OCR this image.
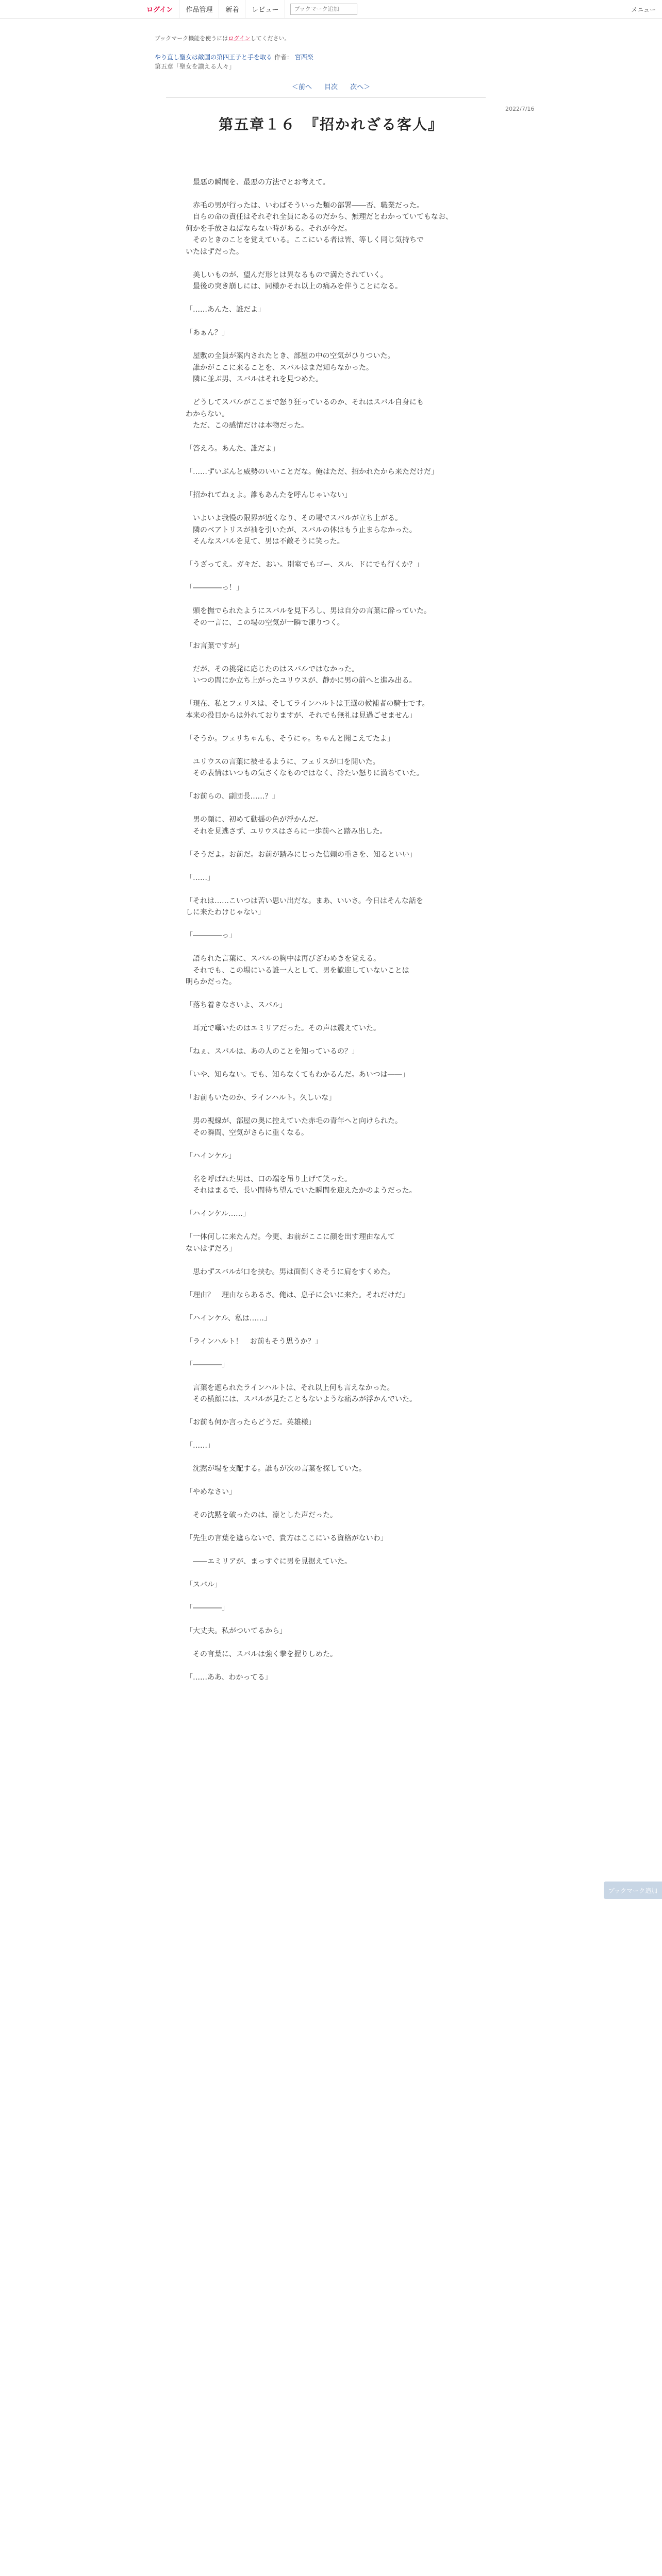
ログイン	作品管理	新着	レビュー
ブックマーク追加	メニュー
ブックマーク機能を使うにはログインしてください。
やり直し聖女は敵国の第四王子と手を取る 作者： 宮西楽
第五章「聖女を讃える人々」
＜前へ 目次 次へ＞
2022/7/16
第五章１６　『招かれざる客人』

　最悪の瞬間を、最悪の方法でとお考えて。

　赤毛の男が行ったは、いわばそういった類の部署――否、職業だった。

　自らの命の責任はそれぞれ全員にあるのだから、無理だとわかっていてもなお、

何かを手放さねばならない時がある。それが今だ。

　そのときのことを覚えている。ここにいる者は皆、等しく同じ気持ちで

いたはずだった。

　美しいものが、望んだ形とは異なるもので満たされていく。

　最後の突き崩しには、同様かそれ以上の痛みを伴うことになる。

「……あんた、誰だよ」

「あぁん？」

　屋敷の全員が案内されたとき、部屋の中の空気がひりついた。

　誰かがここに来ることを、スバルはまだ知らなかった。

　隣に並ぶ男、スバルはそれを見つめた。

　どうしてスバルがここまで怒り狂っているのか、それはスバル自身にも

わからない。

　ただ、この感情だけは本物だった。

「答えろ。あんた、誰だよ」

「……ずいぶんと威勢のいいことだな。俺はただ、招かれたから来ただけだ」

「招かれてねぇよ。誰もあんたを呼んじゃいない」

　いよいよ我慢の限界が近くなり、その場でスバルが立ち上がる。

　隣のベアトリスが袖を引いたが、スバルの体はもう止まらなかった。

　そんなスバルを見て、男は不敵そうに笑った。

「うざってえ。ガキだ、おい。別室でもゴー、スル、ドにでも行くか？」

「――――っ！」

　頭を撫でられたようにスバルを見下ろし、男は自分の言葉に酔っていた。

　その一言に、この場の空気が一瞬で凍りつく。

「お言葉ですが」

　だが、その挑発に応じたのはスバルではなかった。

　いつの間にか立ち上がったユリウスが、静かに男の前へと進み出る。

「現在、私とフェリスは、そしてラインハルトは王選の候補者の騎士です。

本来の役目からは外れておりますが、それでも無礼は見過ごせません」

「そうか。フェリちゃんも、そうにゃ。ちゃんと聞こえてたよ」

　ユリウスの言葉に被せるように、フェリスが口を開いた。

　その表情はいつもの気さくなものではなく、冷たい怒りに満ちていた。

「お前らの、副団長……？」

　男の顔に、初めて動揺の色が浮かんだ。

　それを見逃さず、ユリウスはさらに一歩前へと踏み出した。

「そうだよ。お前だ。お前が踏みにじった信頼の重さを、知るといい」

「……」

「それは……こいつは苦い思い出だな。まあ、いいさ。今日はそんな話を

しに来たわけじゃない」

「――――っ」

　語られた言葉に、スバルの胸中は再びざわめきを覚える。

　それでも、この場にいる誰一人として、男を歓迎していないことは

明らかだった。

「落ち着きなさいよ、スバル」

　耳元で囁いたのはエミリアだった。その声は震えていた。

「ねぇ、スバルは、あの人のことを知っているの？」

「いや、知らない。でも、知らなくてもわかるんだ。あいつは――」

「お前もいたのか、ラインハルト。久しいな」

　男の視線が、部屋の奥に控えていた赤毛の青年へと向けられた。

　その瞬間、空気がさらに重くなる。

「ハインケル」

　名を呼ばれた男は、口の端を吊り上げて笑った。

　それはまるで、長い間待ち望んでいた瞬間を迎えたかのようだった。

「ハインケル……」

「一体何しに来たんだ。今更、お前がここに顔を出す理由なんて

ないはずだろ」

　思わずスバルが口を挟む。男は面倒くさそうに肩をすくめた。

「理由？　理由ならあるさ。俺は、息子に会いに来た。それだけだ」

「ハインケル、私は……」

「ラインハルト！　お前もそう思うか？」

「――――」

　言葉を遮られたラインハルトは、それ以上何も言えなかった。

　その横顔には、スバルが見たこともないような痛みが浮かんでいた。

「お前も何か言ったらどうだ。英雄様」

「……」

　沈黙が場を支配する。誰もが次の言葉を探していた。

「やめなさい」

　その沈黙を破ったのは、凛とした声だった。

「先生の言葉を遮らないで、貴方はここにいる資格がないわ」

　――エミリアが、まっすぐに男を見据えていた。

「スバル」

「――――」

「大丈夫。私がついてるから」

　その言葉に、スバルは強く拳を握りしめた。

「……ああ、わかってる」

ブックマーク追加
